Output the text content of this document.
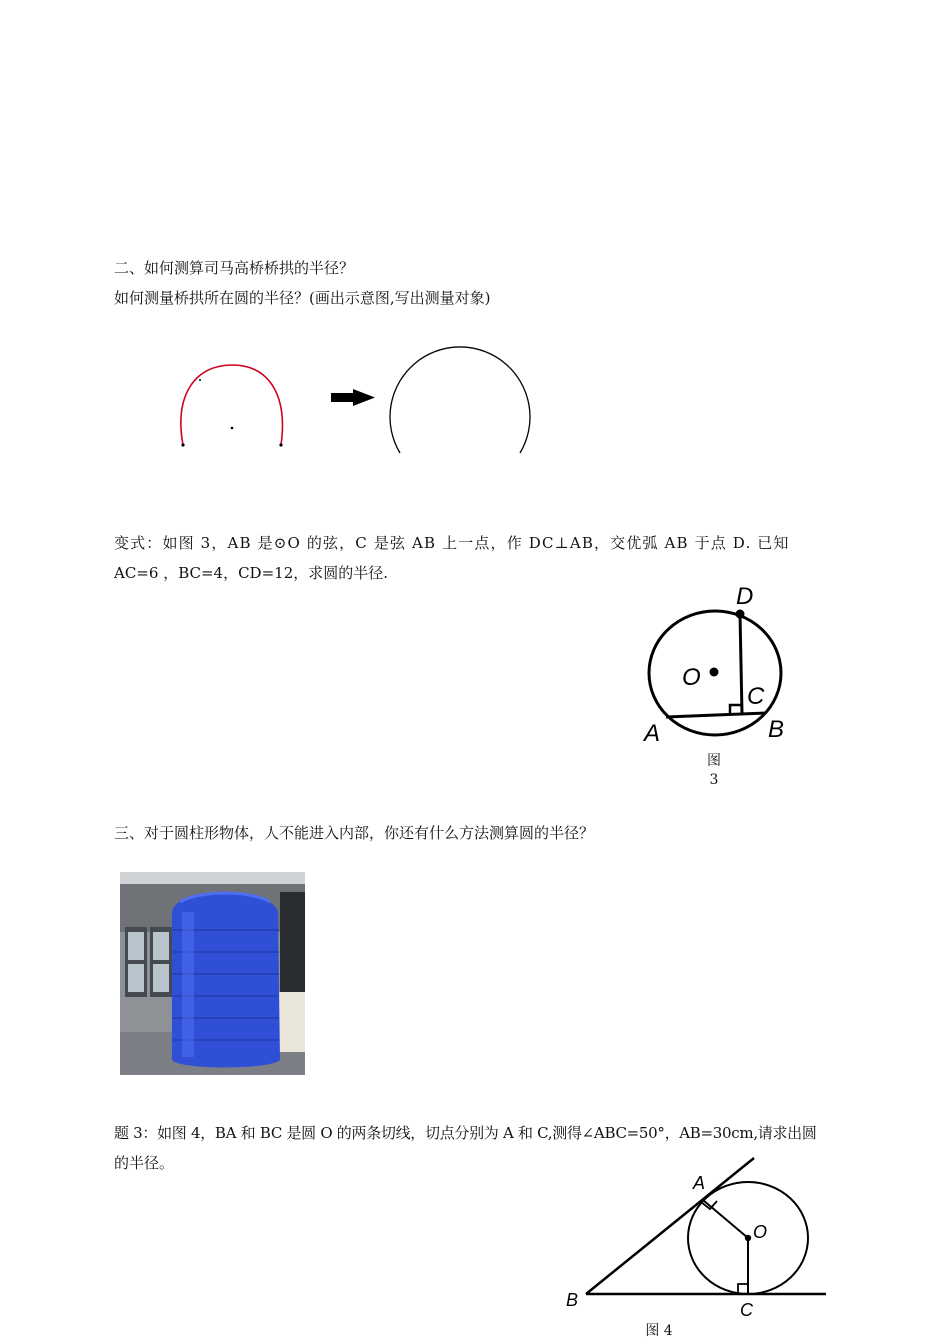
二、如何测算司马高桥桥拱的半径？
如何测量桥拱所在圆的半径？(画出示意图,写出测量对象)
变式：如图 3，AB 是⊙O 的弦，C 是弦 AB 上一点，作 DC⊥AB，交优弧 AB 于点 D. 已知
AC=6 ，BC=4，CD=12，求圆的半径.
D
O
C
A	B
图
3
三、对于圆柱形物体，人不能进入内部，你还有什么方法测算圆的半径？
题 3：如图 4，BA 和 BC 是圆 O 的两条切线，切点分别为 A 和 C,测得∠ABC=50°，AB=30cm,请求出圆
的半径。
A
O
B	C
图 4
